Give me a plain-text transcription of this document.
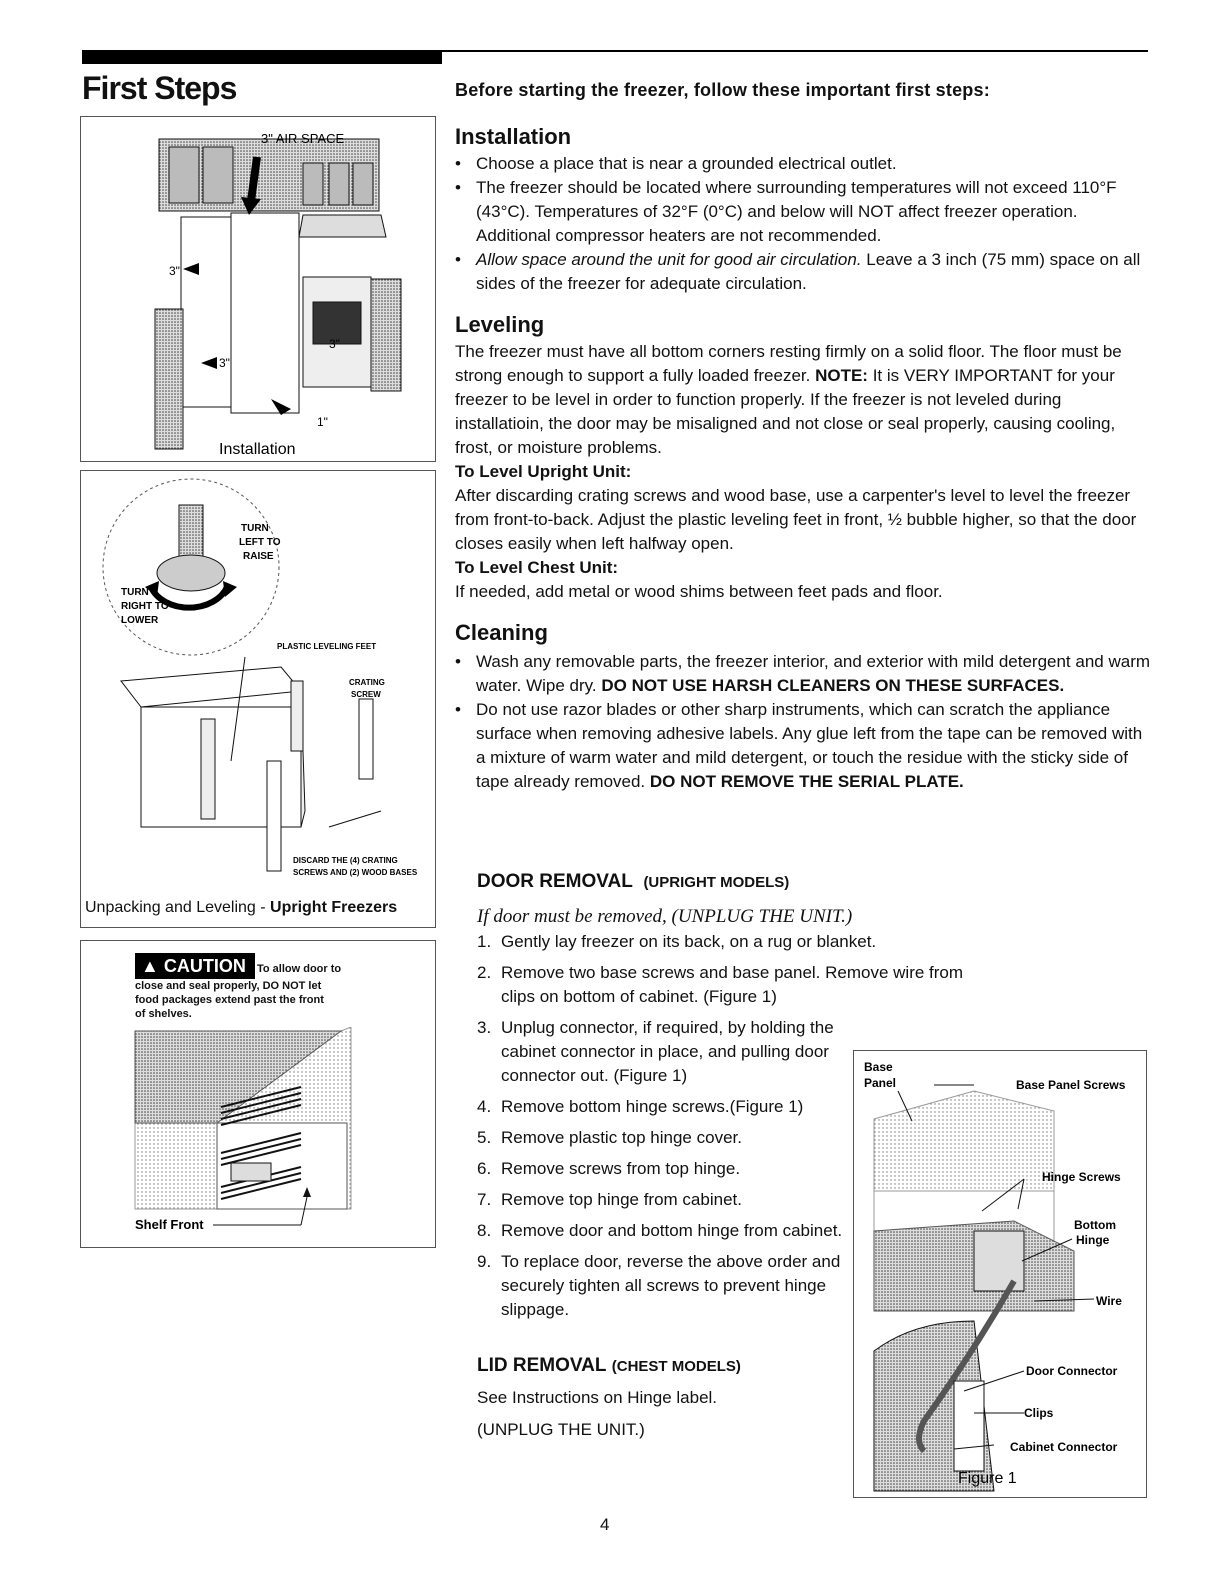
First Steps	Before starting the freezer, follow these important first steps:
3" AIR SPACE
3"
3"
3"
1"
Installation
TURN
LEFT TO
RAISE
TURN
RIGHT TO
LOWER
PLASTIC LEVELING FEET
CRATING
SCREW
DISCARD THE (4) CRATING
SCREWS AND (2) WOOD BASES
Unpacking and Leveling - Upright Freezers
▲ CAUTION	To allow door to
close and seal properly, DO NOT let
food packages extend past the front
of shelves.
Shelf Front
Installation
• Choose a place that is near a grounded electrical outlet.
• The freezer should be located where surrounding temperatures will not exceed 110°F (43°C). Temperatures of 32°F (0°C) and below will NOT affect freezer operation. Additional compressor heaters are not recommended.
• Allow space around the unit for good air circulation. Leave a 3 inch (75 mm) space on all sides of the freezer for adequate circulation.
Leveling

The freezer must have all bottom corners resting firmly on a solid floor. The floor must be strong enough to support a fully loaded freezer. NOTE: It is VERY IMPORTANT for your freezer to be level in order to function properly. If the freezer is not leveled during installatioin, the door may be misaligned and not close or seal properly, causing cooling, frost, or moisture problems.

To Level Upright Unit:

After discarding crating screws and wood base, use a carpenter's level to level the freezer from front-to-back. Adjust the plastic leveling feet in front, ½ bubble higher, so that the door closes easily when left halfway open.

To Level Chest Unit:

If needed, add metal or wood shims between feet pads and floor.

Cleaning
• Wash any removable parts, the freezer interior, and exterior with mild detergent and warm water. Wipe dry. DO NOT USE HARSH CLEANERS ON THESE SURFACES.
• Do not use razor blades or other sharp instruments, which can scratch the appliance surface when removing adhesive labels. Any glue left from the tape can be removed with a mixture of warm water and mild detergent, or touch the residue with the sticky side of tape already removed. DO NOT REMOVE THE SERIAL PLATE.
DOOR REMOVAL (UPRIGHT MODELS)
If door must be removed, (UNPLUG THE UNIT.)
1. Gently lay freezer on its back, on a rug or blanket.
2. Remove two base screws and base panel. Remove wire from clips on bottom of cabinet. (Figure 1)
3. Unplug connector, if required, by holding the cabinet connector in place, and pulling door connector out. (Figure 1)
4. Remove bottom hinge screws.(Figure 1)
5. Remove plastic top hinge cover.
6. Remove screws from top hinge.
7. Remove top hinge from cabinet.
8. Remove door and bottom hinge from cabinet.
9. To replace door, reverse the above order and securely tighten all screws to prevent hinge slippage.
LID REMOVAL (CHEST MODELS)
See Instructions on Hinge label.
(UNPLUG THE UNIT.)
Base
Panel	Base Panel Screws
Hinge Screws
Bottom
Hinge
Wire
Door Connector
Clips
Cabinet Connector
Figure 1
4
